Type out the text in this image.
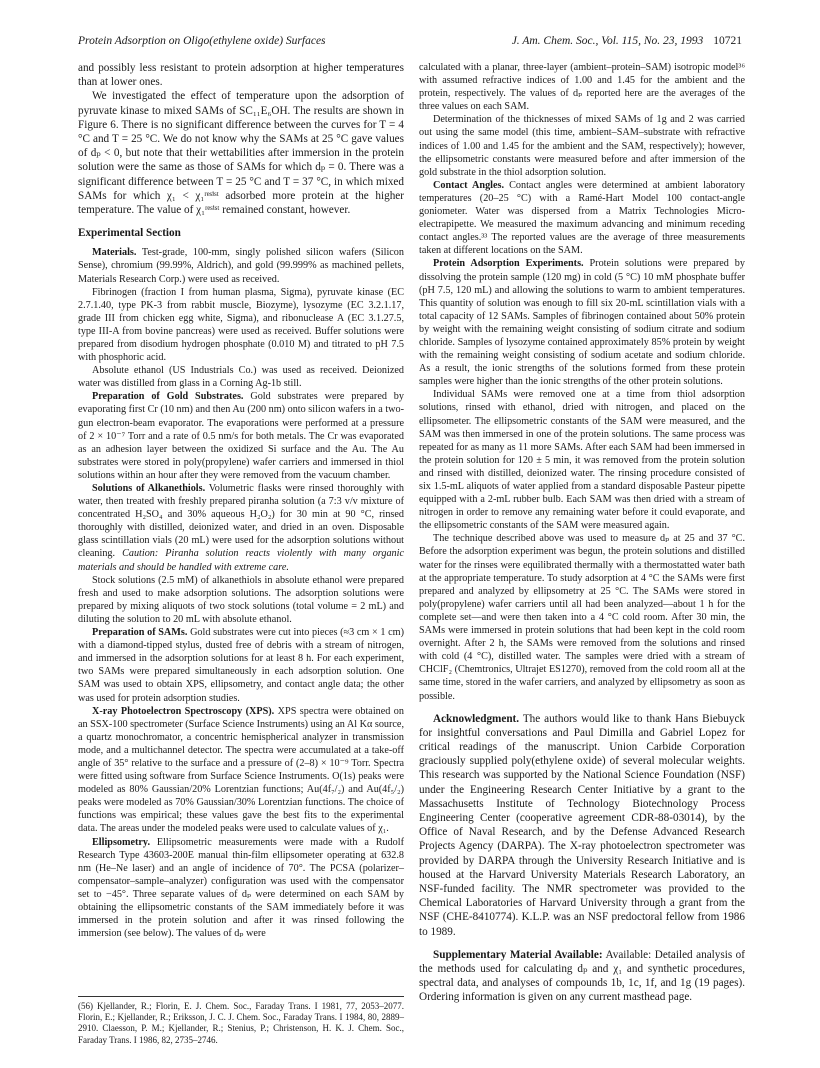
Protein Adsorption on Oligo(ethylene oxide) Surfaces	J. Am. Chem. Soc., Vol. 115, No. 23, 1993 10721

and possibly less resistant to protein adsorption at higher temperatures than at lower ones.

We investigated the effect of temperature upon the adsorption of pyruvate kinase to mixed SAMs of SC₁₁E₆OH. The results are shown in Figure 6. There is no significant difference between the curves for T = 4 °C and T = 25 °C. We do not know why the SAMs at 25 °C gave values of dₚ < 0, but note that their wettabilities after immersion in the protein solution were the same as those of SAMs for which dₚ = 0. There was a significant difference between T = 25 °C and T = 37 °C, in which mixed SAMs for which χ₁ < χ₁ʳᵉˢⁱˢᵗ adsorbed more protein at the higher temperature. The value of χ₁ʳᵉˢⁱˢᵗ remained constant, however.

Experimental Section

Materials. Test-grade, 100-mm, singly polished silicon wafers (Silicon Sense), chromium (99.99%, Aldrich), and gold (99.999% as machined pellets, Materials Research Corp.) were used as received.

Fibrinogen (fraction I from human plasma, Sigma), pyruvate kinase (EC 2.7.1.40, type PK-3 from rabbit muscle, Biozyme), lysozyme (EC 3.2.1.17, grade III from chicken egg white, Sigma), and ribonuclease A (EC 3.1.27.5, type III-A from bovine pancreas) were used as received. Buffer solutions were prepared from disodium hydrogen phosphate (0.010 M) and titrated to pH 7.5 with phosphoric acid.

Absolute ethanol (US Industrials Co.) was used as received. Deionized water was distilled from glass in a Corning Ag-1b still.

Preparation of Gold Substrates. Gold substrates were prepared by evaporating first Cr (10 nm) and then Au (200 nm) onto silicon wafers in a two-gun electron-beam evaporator. The evaporations were performed at a pressure of 2 × 10⁻⁷ Torr and a rate of 0.5 nm/s for both metals. The Cr was evaporated as an adhesion layer between the oxidized Si surface and the Au. The Au substrates were stored in poly(propylene) wafer carriers and immersed in thiol solutions within an hour after they were removed from the vacuum chamber.

Solutions of Alkanethiols. Volumetric flasks were rinsed thoroughly with water, then treated with freshly prepared piranha solution (a 7:3 v/v mixture of concentrated H₂SO₄ and 30% aqueous H₂O₂) for 30 min at 90 °C, rinsed thoroughly with distilled, deionized water, and dried in an oven. Disposable glass scintillation vials (20 mL) were used for the adsorption solutions without cleaning. Caution: Piranha solution reacts violently with many organic materials and should be handled with extreme care.

Stock solutions (2.5 mM) of alkanethiols in absolute ethanol were prepared fresh and used to make adsorption solutions. The adsorption solutions were prepared by mixing aliquots of two stock solutions (total volume = 2 mL) and diluting the solution to 20 mL with absolute ethanol.

Preparation of SAMs. Gold substrates were cut into pieces (≈3 cm × 1 cm) with a diamond-tipped stylus, dusted free of debris with a stream of nitrogen, and immersed in the adsorption solutions for at least 8 h. For each experiment, two SAMs were prepared simultaneously in each adsorption solution. One SAM was used to obtain XPS, ellipsometry, and contact angle data; the other was used for protein adsorption studies.

X-ray Photoelectron Spectroscopy (XPS). XPS spectra were obtained on an SSX-100 spectrometer (Surface Science Instruments) using an Al Kα source, a quartz monochromator, a concentric hemispherical analyzer in transmission mode, and a multichannel detector. The spectra were accumulated at a take-off angle of 35° relative to the surface and a pressure of (2–8) × 10⁻⁹ Torr. Spectra were fitted using software from Surface Science Instruments. O(1s) peaks were modeled as 80% Gaussian/20% Lorentzian functions; Au(4f₇/₂) and Au(4f₅/₂) peaks were modeled as 70% Gaussian/30% Lorentzian functions. The choice of functions was empirical; these values gave the best fits to the experimental data. The areas under the modeled peaks were used to calculate values of χ₁.

Ellipsometry. Ellipsometric measurements were made with a Rudolf Research Type 43603-200E manual thin-film ellipsometer operating at 632.8 nm (He–Ne laser) and an angle of incidence of 70°. The PCSA (polarizer–compensator–sample–analyzer) configuration was used with the compensator set to −45°. Three separate values of dₚ were determined on each SAM by obtaining the ellipsometric constants of the SAM immediately before it was immersed in the protein solution and after it was rinsed following the immersion (see below). The values of dₚ were

(56) Kjellander, R.; Florin, E. J. Chem. Soc., Faraday Trans. I 1981, 77, 2053–2077. Florin, E.; Kjellander, R.; Eriksson, J. C. J. Chem. Soc., Faraday Trans. I 1984, 80, 2889–2910. Claesson, P. M.; Kjellander, R.; Stenius, P.; Christenson, H. K. J. Chem. Soc., Faraday Trans. I 1986, 82, 2735–2746.

calculated with a planar, three-layer (ambient–protein–SAM) isotropic model³⁶ with assumed refractive indices of 1.00 and 1.45 for the ambient and the protein, respectively. The values of dₚ reported here are the averages of the three values on each SAM.

Determination of the thicknesses of mixed SAMs of 1g and 2 was carried out using the same model (this time, ambient–SAM–substrate with refractive indices of 1.00 and 1.45 for the ambient and the SAM, respectively); however, the ellipsometric constants were measured before and after immersion of the gold substrate in the thiol adsorption solution.

Contact Angles. Contact angles were determined at ambient laboratory temperatures (20–25 °C) with a Ramé-Hart Model 100 contact-angle goniometer. Water was dispersed from a Matrix Technologies Micro-electrapipette. We measured the maximum advancing and minimum receding contact angles.³³ The reported values are the average of three measurements taken at different locations on the SAM.

Protein Adsorption Experiments. Protein solutions were prepared by dissolving the protein sample (120 mg) in cold (5 °C) 10 mM phosphate buffer (pH 7.5, 120 mL) and allowing the solutions to warm to ambient temperatures. This quantity of solution was enough to fill six 20-mL scintillation vials with a total capacity of 12 SAMs. Samples of fibrinogen contained about 50% protein by weight with the remaining weight consisting of sodium citrate and sodium chloride. Samples of lysozyme contained approximately 85% protein by weight with the remaining weight consisting of sodium acetate and sodium chloride. As a result, the ionic strengths of the solutions formed from these protein samples were higher than the ionic strengths of the other protein solutions.

Individual SAMs were removed one at a time from thiol adsorption solutions, rinsed with ethanol, dried with nitrogen, and placed on the ellipsometer. The ellipsometric constants of the SAM were measured, and the SAM was then immersed in one of the protein solutions. The same process was repeated for as many as 11 more SAMs. After each SAM had been immersed in the protein solution for 120 ± 5 min, it was removed from the protein solution and rinsed with distilled, deionized water. The rinsing procedure consisted of six 1.5-mL aliquots of water applied from a standard disposable Pasteur pipette equipped with a 2-mL rubber bulb. Each SAM was then dried with a stream of nitrogen in order to remove any remaining water before it could evaporate, and the ellipsometric constants of the SAM were measured again.

The technique described above was used to measure dₚ at 25 and 37 °C. Before the adsorption experiment was begun, the protein solutions and distilled water for the rinses were equilibrated thermally with a thermostatted water bath at the appropriate temperature. To study adsorption at 4 °C the SAMs were first prepared and analyzed by ellipsometry at 25 °C. The SAMs were stored in poly(propylene) wafer carriers until all had been analyzed—about 1 h for the complete set—and were then taken into a 4 °C cold room. After 30 min, the SAMs were immersed in protein solutions that had been kept in the cold room overnight. After 2 h, the SAMs were removed from the solutions and rinsed with cold (4 °C), distilled water. The samples were dried with a stream of CHClF₂ (Chemtronics, Ultrajet ES1270), removed from the cold room all at the same time, stored in the wafer carriers, and analyzed by ellipsometry as soon as possible.

Acknowledgment. The authors would like to thank Hans Biebuyck for insightful conversations and Paul Dimilla and Gabriel Lopez for critical readings of the manuscript. Union Carbide Corporation graciously supplied poly(ethylene oxide) of several molecular weights. This research was supported by the National Science Foundation (NSF) under the Engineering Research Center Initiative by a grant to the Massachusetts Institute of Technology Biotechnology Process Engineering Center (cooperative agreement CDR-88-03014), by the Office of Naval Research, and by the Defense Advanced Research Projects Agency (DARPA). The X-ray photoelectron spectrometer was provided by DARPA through the University Research Initiative and is housed at the Harvard University Materials Research Laboratory, an NSF-funded facility. The NMR spectrometer was provided to the Chemical Laboratories of Harvard University through a grant from the NSF (CHE-8410774). K.L.P. was an NSF predoctoral fellow from 1986 to 1989.

Supplementary Material Available: Available: Detailed analysis of the methods used for calculating dₚ and χ₁ and synthetic procedures, spectral data, and analyses of compounds 1b, 1c, 1f, and 1g (19 pages). Ordering information is given on any current masthead page.
